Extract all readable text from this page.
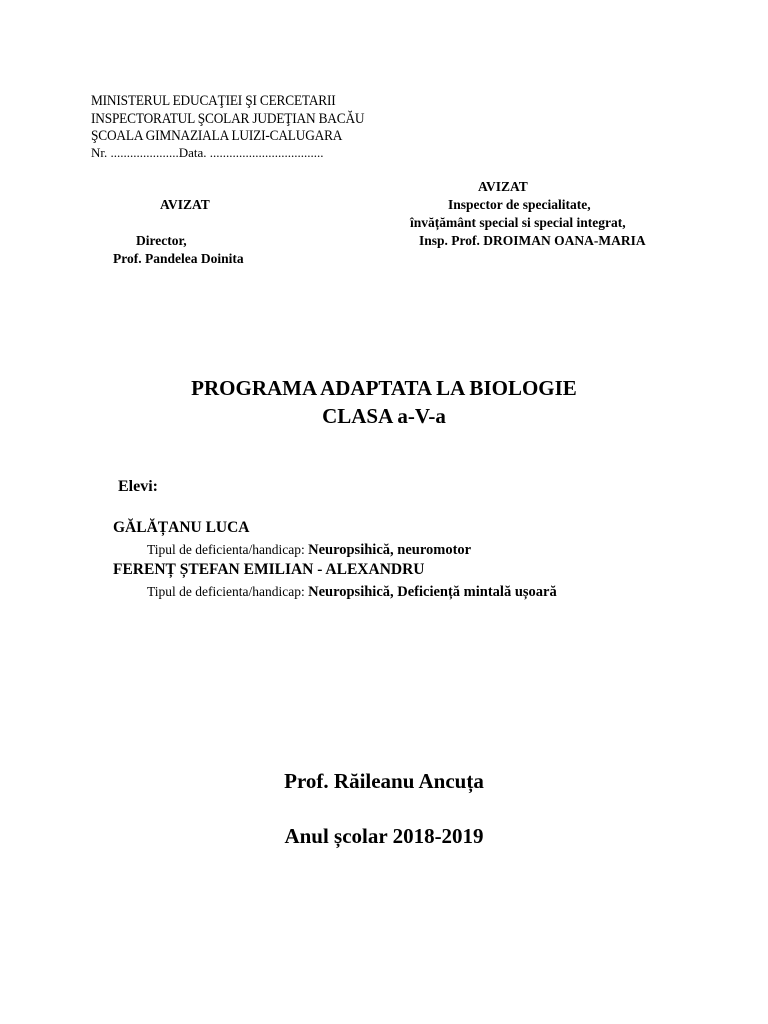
MINISTERUL EDUCAŢIEI ŞI CERCETARII
INSPECTORATUL ŞCOLAR JUDEŢIAN BACĂU
ŞCOALA GIMNAZIALA LUIZI-CALUGARA
Nr. .....................Data. ...................................
AVIZAT
Director,
Prof. Pandelea Doinita
AVIZAT
Inspector de specialitate,
învățământ special si special integrat,
Insp. Prof. DROIMAN OANA-MARIA
PROGRAMA ADAPTATA LA BIOLOGIE
CLASA a-V-a
Elevi:
GĂLĂȚANU LUCA
Tipul de deficienta/handicap: Neuropsihică, neuromotor
FERENȚ ȘTEFAN EMILIAN - ALEXANDRU
Tipul de deficienta/handicap: Neuropsihică, Deficiență mintală ușoară
Prof. Răileanu Ancuța
Anul școlar 2018-2019
